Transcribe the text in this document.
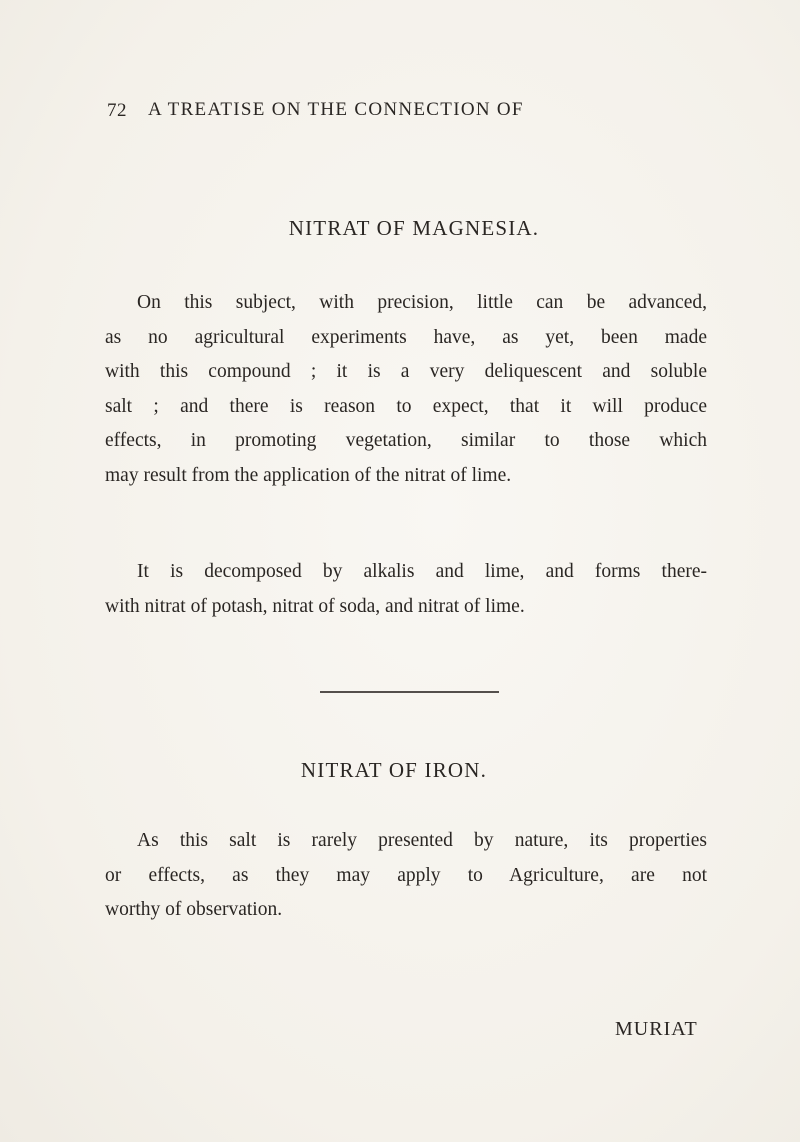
72 A TREATISE ON THE CONNECTION OF
NITRAT OF MAGNESIA.
On this subject, with precision, little can be advanced,
as no agricultural experiments have, as yet, been made
with this compound ; it is a very deliquescent and soluble
salt ; and there is reason to expect, that it will produce
effects, in promoting vegetation, similar to those which
may result from the application of the nitrat of lime.
It is decomposed by alkalis and lime, and forms there-
with nitrat of potash, nitrat of soda, and nitrat of lime.
NITRAT OF IRON.
As this salt is rarely presented by nature, its properties
or effects, as they may apply to Agriculture, are not
worthy of observation.
MURIAT
